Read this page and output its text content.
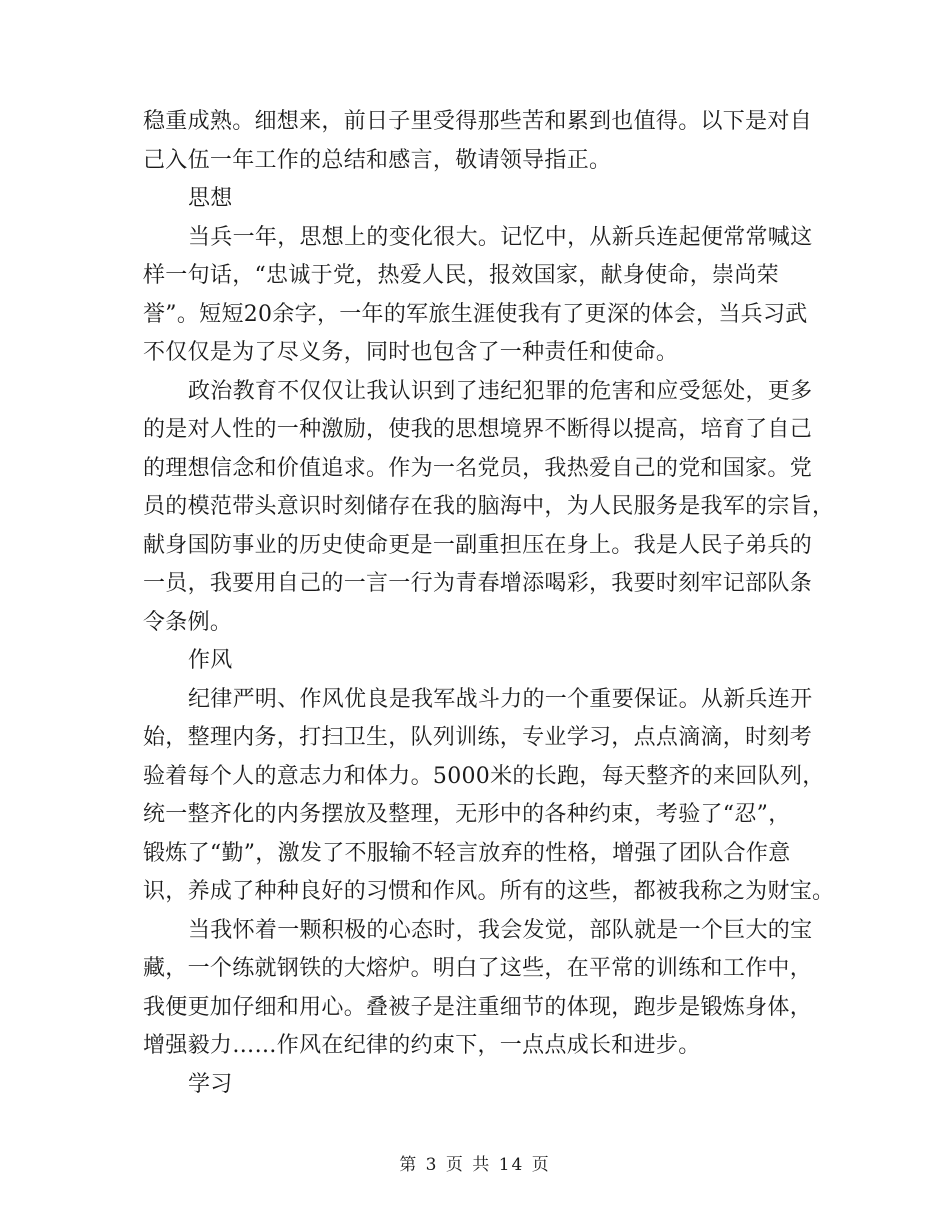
稳重成熟。细想来，前日子里受得那些苦和累到也值得。以下是对自
己入伍一年工作的总结和感言，敬请领导指正。
思想
当兵一年，思想上的变化很大。记忆中，从新兵连起便常常喊这
样一句话，“忠诚于党，热爱人民，报效国家，献身使命，崇尚荣
誉”。短短20余字，一年的军旅生涯使我有了更深的体会，当兵习武
不仅仅是为了尽义务，同时也包含了一种责任和使命。
政治教育不仅仅让我认识到了违纪犯罪的危害和应受惩处，更多
的是对人性的一种激励，使我的思想境界不断得以提高，培育了自己
的理想信念和价值追求。作为一名党员，我热爱自己的党和国家。党
员的模范带头意识时刻储存在我的脑海中，为人民服务是我军的宗旨，
献身国防事业的历史使命更是一副重担压在身上。我是人民子弟兵的
一员，我要用自己的一言一行为青春增添喝彩，我要时刻牢记部队条
令条例。
作风
纪律严明、作风优良是我军战斗力的一个重要保证。从新兵连开
始，整理内务，打扫卫生，队列训练，专业学习，点点滴滴，时刻考
验着每个人的意志力和体力。5000米的长跑，每天整齐的来回队列，
统一整齐化的内务摆放及整理，无形中的各种约束，考验了“忍”，
锻炼了“勤”，激发了不服输不轻言放弃的性格，增强了团队合作意
识，养成了种种良好的习惯和作风。所有的这些，都被我称之为财宝。
当我怀着一颗积极的心态时，我会发觉，部队就是一个巨大的宝
藏，一个练就钢铁的大熔炉。明白了这些，在平常的训练和工作中，
我便更加仔细和用心。叠被子是注重细节的体现，跑步是锻炼身体，
增强毅力……作风在纪律的约束下，一点点成长和进步。
学习
第 3 页 共 14 页
